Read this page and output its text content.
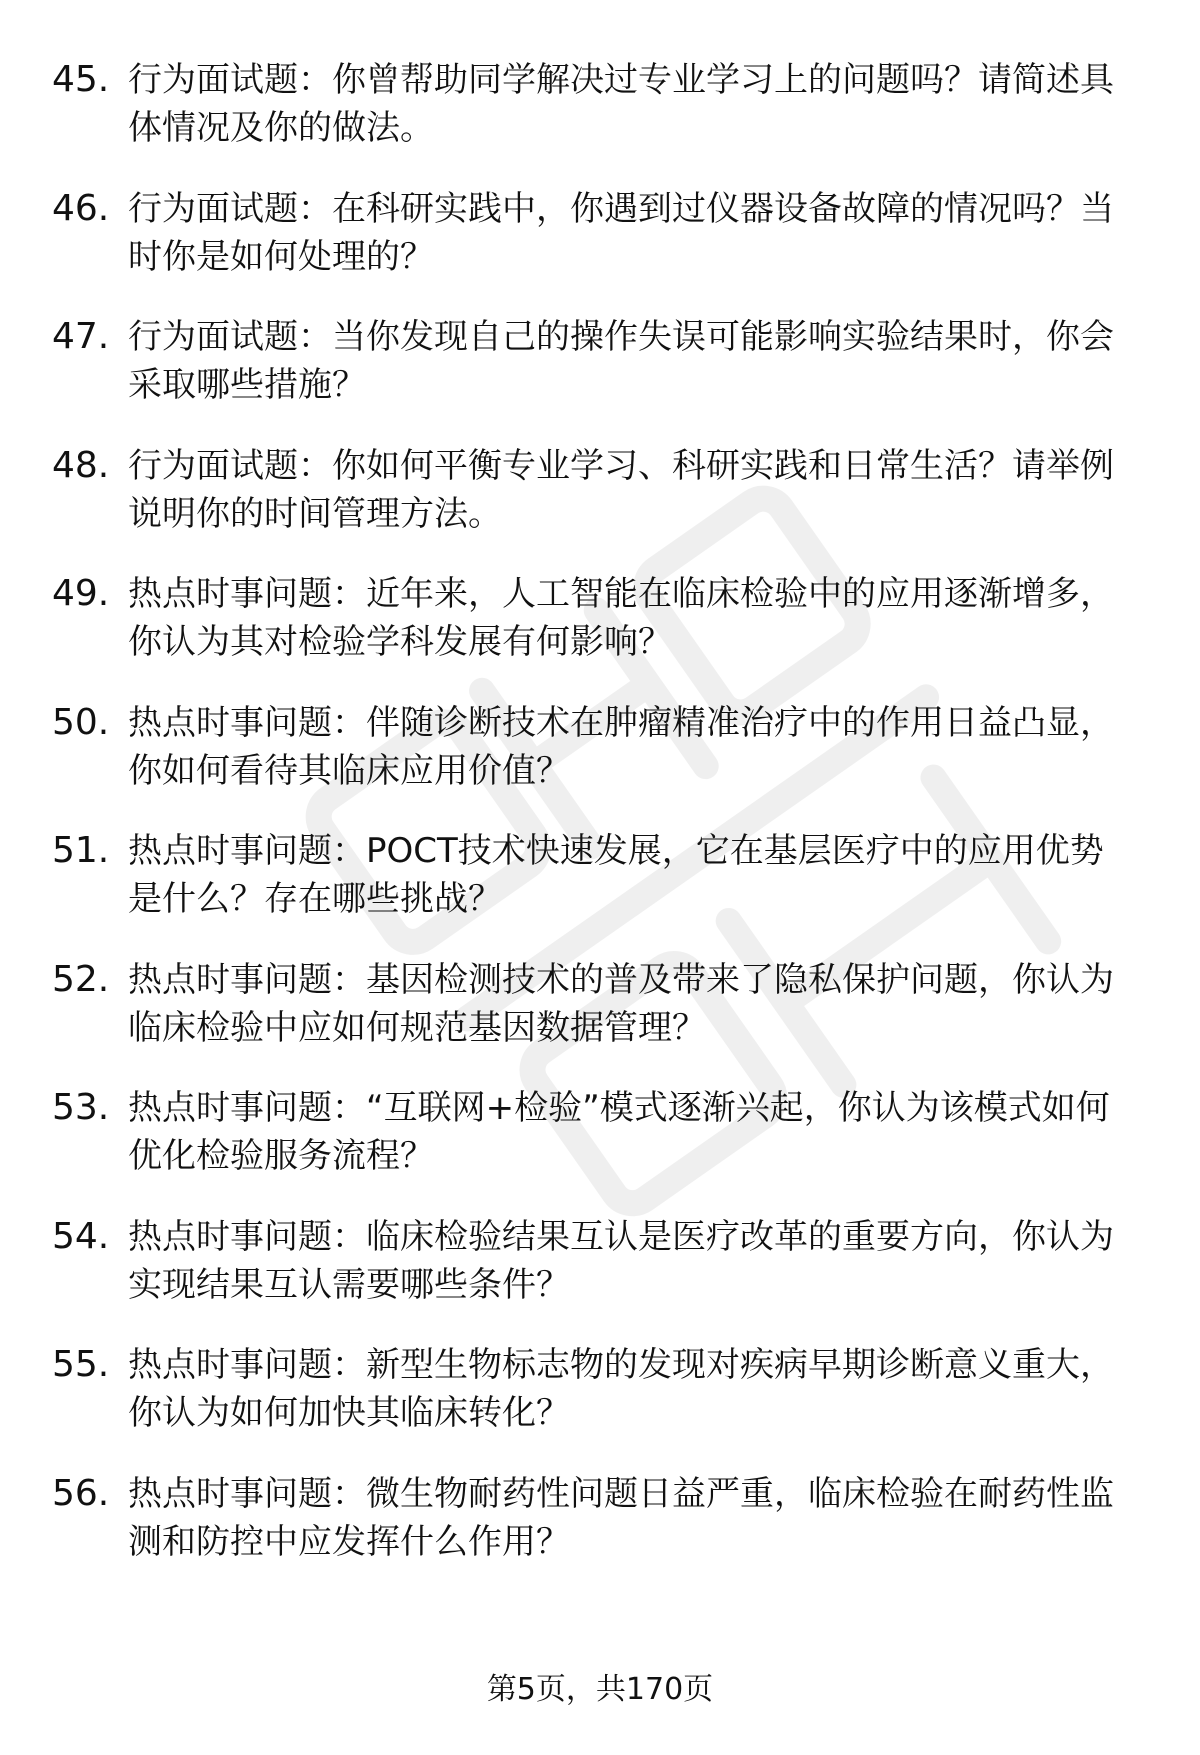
45. 行为面试题：你曾帮助同学解决过专业学习上的问题吗？请简述具体情况及你的做法。
46. 行为面试题：在科研实践中，你遇到过仪器设备故障的情况吗？当时你是如何处理的？
47. 行为面试题：当你发现自己的操作失误可能影响实验结果时，你会采取哪些措施？
48. 行为面试题：你如何平衡专业学习、科研实践和日常生活？请举例说明你的时间管理方法。
49. 热点时事问题：近年来，人工智能在临床检验中的应用逐渐增多，你认为其对检验学科发展有何影响？
50. 热点时事问题：伴随诊断技术在肿瘤精准治疗中的作用日益凸显，你如何看待其临床应用价值？
51. 热点时事问题：POCT技术快速发展，它在基层医疗中的应用优势是什么？存在哪些挑战？
52. 热点时事问题：基因检测技术的普及带来了隐私保护问题，你认为临床检验中应如何规范基因数据管理？
53. 热点时事问题：“互联网+检验”模式逐渐兴起，你认为该模式如何优化检验服务流程？
54. 热点时事问题：临床检验结果互认是医疗改革的重要方向，你认为实现结果互认需要哪些条件？
55. 热点时事问题：新型生物标志物的发现对疾病早期诊断意义重大，你认为如何加快其临床转化？
56. 热点时事问题：微生物耐药性问题日益严重，临床检验在耐药性监测和防控中应发挥什么作用？
第5页，共170页
